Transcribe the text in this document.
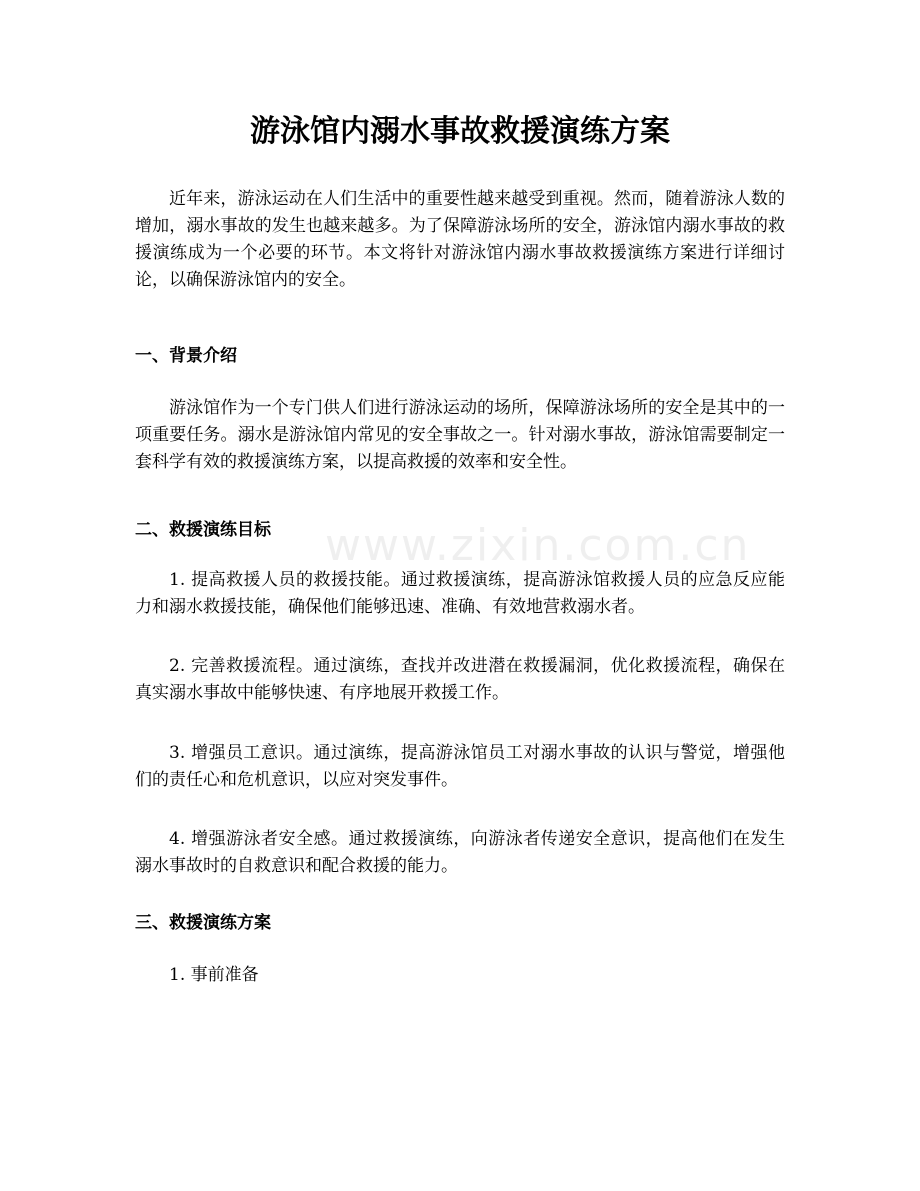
www.zixin.com.cn
游泳馆内溺水事故救援演练方案

近年来，游泳运动在人们生活中的重要性越来越受到重视。然而，随着游泳人数的增加，溺水事故的发生也越来越多。为了保障游泳场所的安全，游泳馆内溺水事故的救援演练成为一个必要的环节。本文将针对游泳馆内溺水事故救援演练方案进行详细讨论，以确保游泳馆内的安全。

一、背景介绍

游泳馆作为一个专门供人们进行游泳运动的场所，保障游泳场所的安全是其中的一项重要任务。溺水是游泳馆内常见的安全事故之一。针对溺水事故，游泳馆需要制定一套科学有效的救援演练方案，以提高救援的效率和安全性。

二、救援演练目标

1. 提高救援人员的救援技能。通过救援演练，提高游泳馆救援人员的应急反应能力和溺水救援技能，确保他们能够迅速、准确、有效地营救溺水者。

2. 完善救援流程。通过演练，查找并改进潜在救援漏洞，优化救援流程，确保在真实溺水事故中能够快速、有序地展开救援工作。

3. 增强员工意识。通过演练，提高游泳馆员工对溺水事故的认识与警觉，增强他们的责任心和危机意识，以应对突发事件。

4. 增强游泳者安全感。通过救援演练，向游泳者传递安全意识，提高他们在发生溺水事故时的自救意识和配合救援的能力。

三、救援演练方案

1. 事前准备
